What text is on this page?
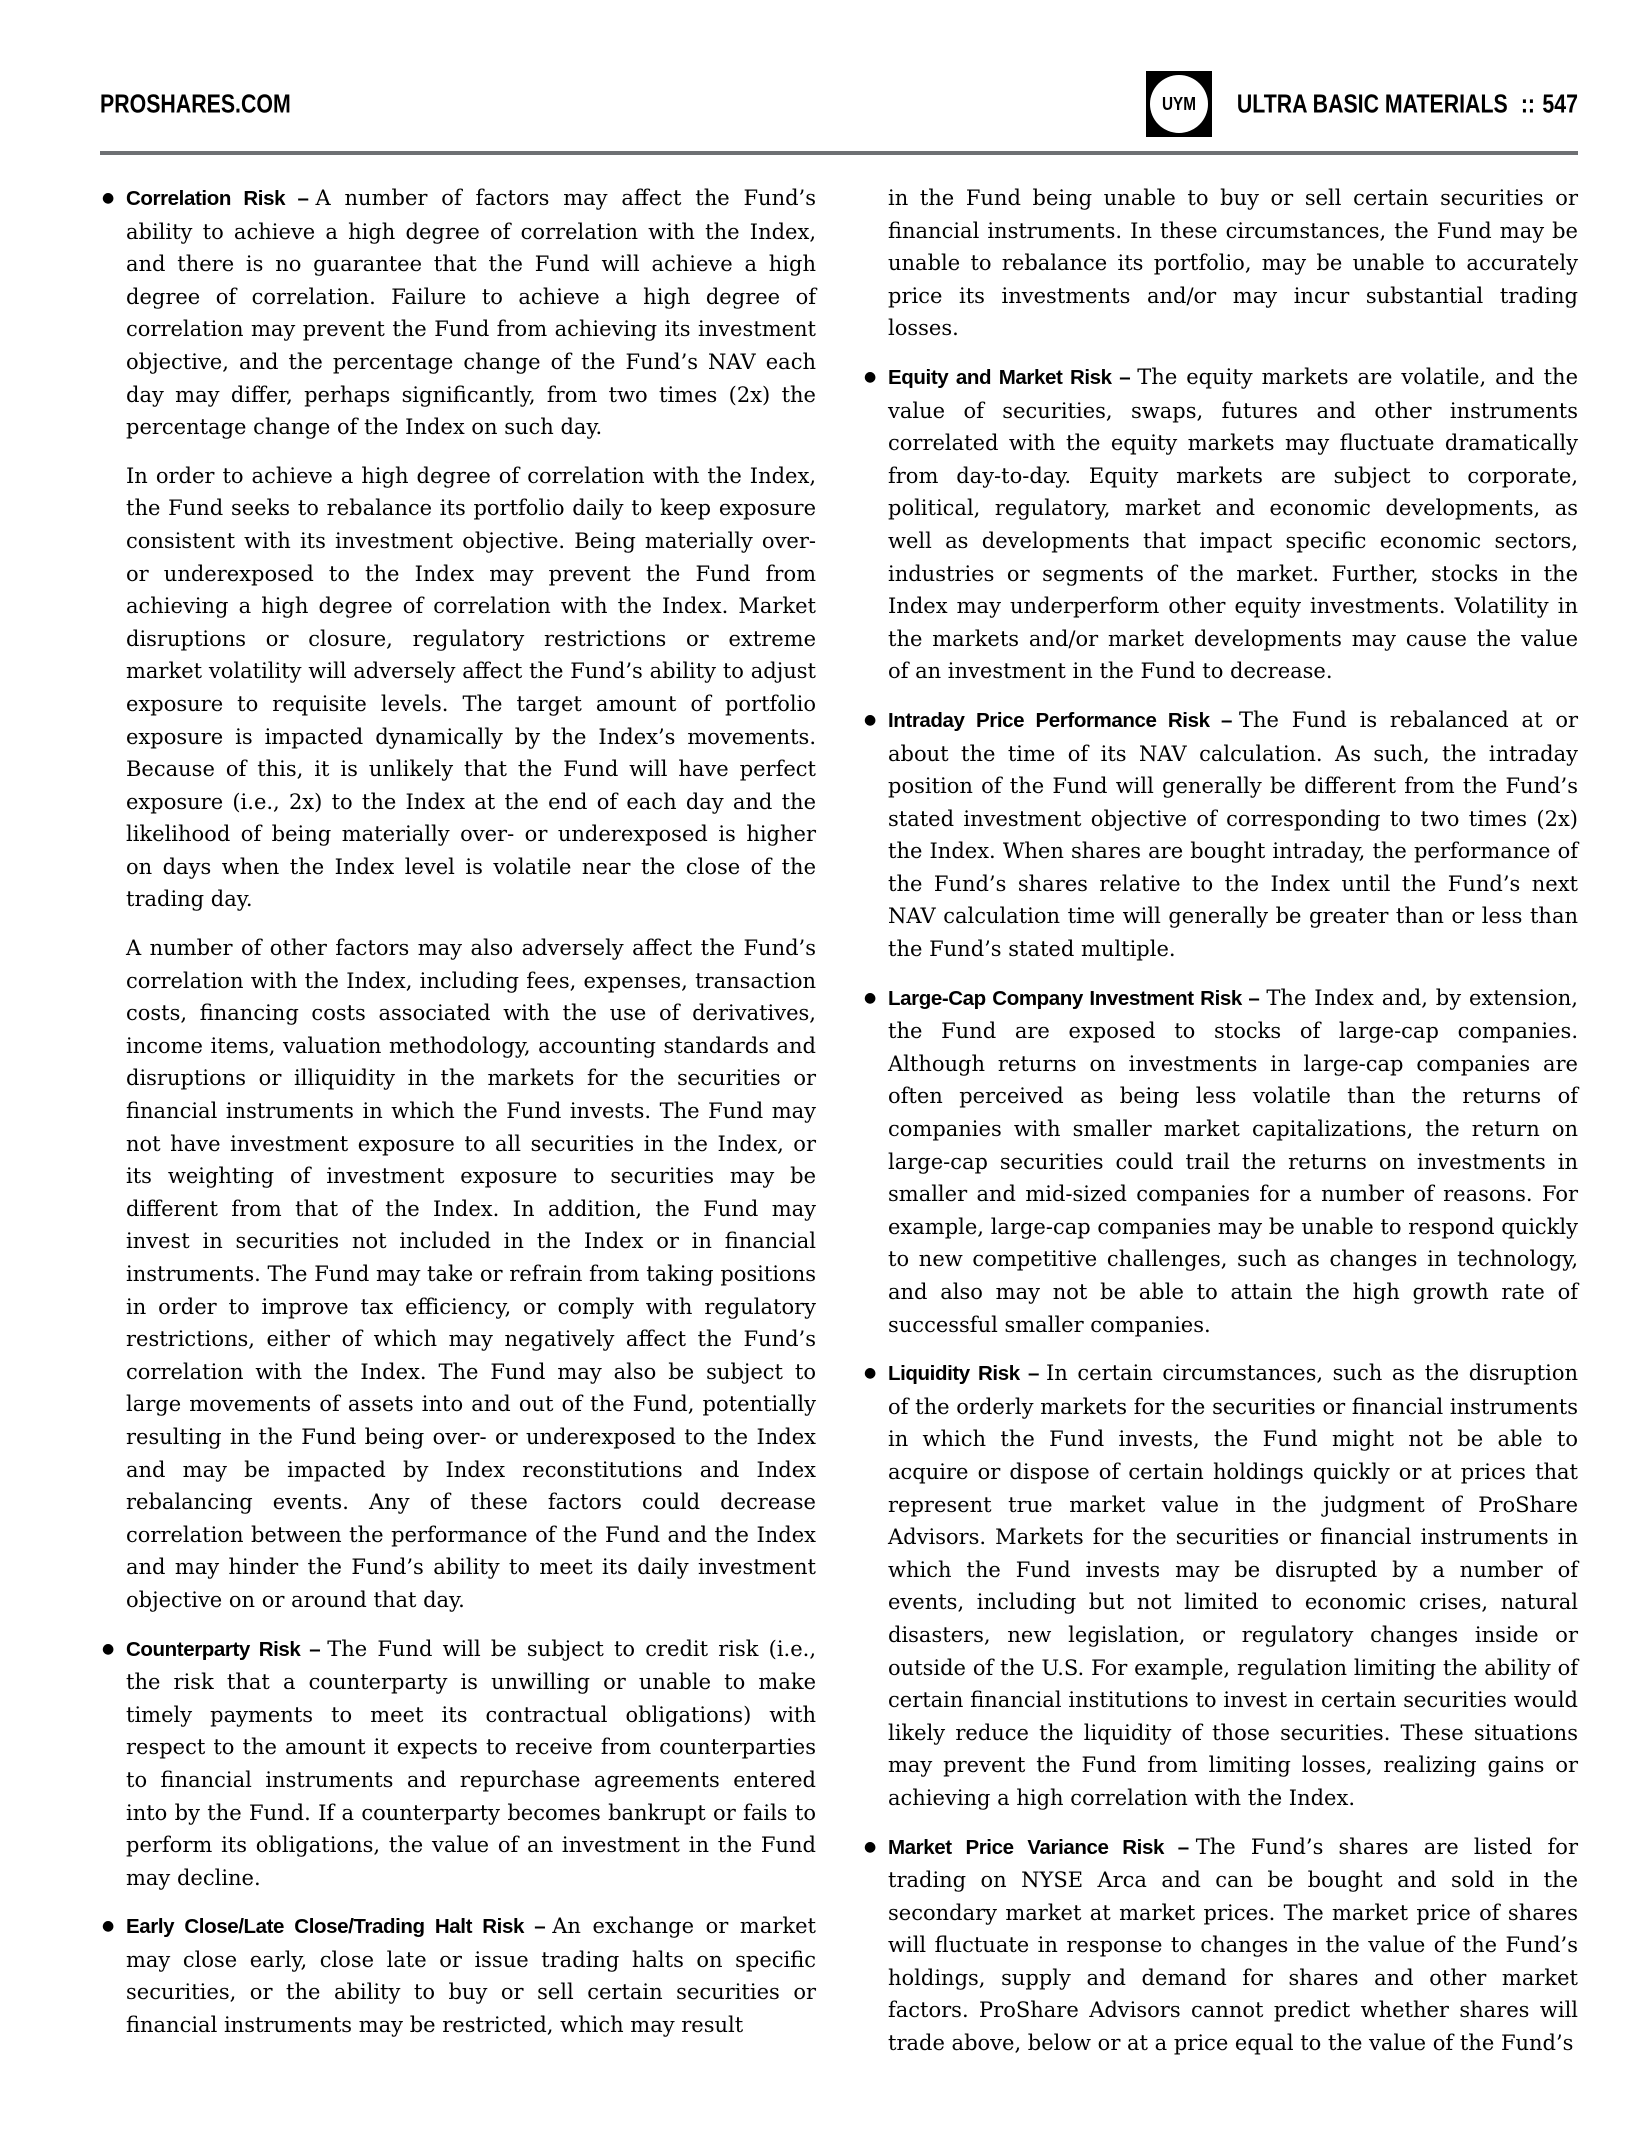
PROSHARES.COM	UYM ULTRA BASIC MATERIALS :: 547
● Correlation Risk – A number of factors may affect the Fund’s ability to achieve a high degree of correlation with the Index, and there is no guarantee that the Fund will achieve a high degree of correlation. Failure to achieve a high degree of correlation may prevent the Fund from achieving its investment objective, and the percentage change of the Fund’s NAV each day may differ, perhaps significantly, from two times (2x) the percentage change of the Index on such day.
In order to achieve a high degree of correlation with the Index, the Fund seeks to rebalance its portfolio daily to keep exposure consistent with its investment objective. Being materially over- or underexposed to the Index may prevent the Fund from achieving a high degree of correlation with the Index. Market disruptions or closure, regulatory restrictions or extreme market volatility will adversely affect the Fund’s ability to adjust exposure to requisite levels. The target amount of portfolio exposure is impacted dynamically by the Index’s movements. Because of this, it is unlikely that the Fund will have perfect exposure (i.e., 2x) to the Index at the end of each day and the likelihood of being materially over- or underexposed is higher on days when the Index level is volatile near the close of the trading day.
A number of other factors may also adversely affect the Fund’s correlation with the Index, including fees, expenses, transaction costs, financing costs associated with the use of derivatives, income items, valuation methodology, accounting standards and disruptions or illiquidity in the markets for the securities or financial instruments in which the Fund invests. The Fund may not have investment exposure to all securities in the Index, or its weighting of investment exposure to securities may be different from that of the Index. In addition, the Fund may invest in securities not included in the Index or in financial instruments. The Fund may take or refrain from taking positions in order to improve tax efficiency, or comply with regulatory restrictions, either of which may negatively affect the Fund’s correlation with the Index. The Fund may also be subject to large movements of assets into and out of the Fund, potentially resulting in the Fund being over- or underexposed to the Index and may be impacted by Index reconstitutions and Index rebalancing events. Any of these factors could decrease correlation between the performance of the Fund and the Index and may hinder the Fund’s ability to meet its daily investment objective on or around that day.
● Counterparty Risk – The Fund will be subject to credit risk (i.e., the risk that a counterparty is unwilling or unable to make timely payments to meet its contractual obligations) with respect to the amount it expects to receive from counterparties to financial instruments and repurchase agreements entered into by the Fund. If a counterparty becomes bankrupt or fails to perform its obligations, the value of an investment in the Fund may decline.
● Early Close/Late Close/Trading Halt Risk – An exchange or market may close early, close late or issue trading halts on specific securities, or the ability to buy or sell certain securities or financial instruments may be restricted, which may result
in the Fund being unable to buy or sell certain securities or financial instruments. In these circumstances, the Fund may be unable to rebalance its portfolio, may be unable to accurately price its investments and/or may incur substantial trading losses.
● Equity and Market Risk – The equity markets are volatile, and the value of securities, swaps, futures and other instruments correlated with the equity markets may fluctuate dramatically from day-to-day. Equity markets are subject to corporate, political, regulatory, market and economic developments, as well as developments that impact specific economic sectors, industries or segments of the market. Further, stocks in the Index may underperform other equity investments. Volatility in the markets and/or market developments may cause the value of an investment in the Fund to decrease.
● Intraday Price Performance Risk – The Fund is rebalanced at or about the time of its NAV calculation. As such, the intraday position of the Fund will generally be different from the Fund’s stated investment objective of corresponding to two times (2x) the Index. When shares are bought intraday, the performance of the Fund’s shares relative to the Index until the Fund’s next NAV calculation time will generally be greater than or less than the Fund’s stated multiple.
● Large-Cap Company Investment Risk – The Index and, by extension, the Fund are exposed to stocks of large-cap companies. Although returns on investments in large-cap companies are often perceived as being less volatile than the returns of companies with smaller market capitalizations, the return on large-cap securities could trail the returns on investments in smaller and mid-sized companies for a number of reasons. For example, large-cap companies may be unable to respond quickly to new competitive challenges, such as changes in technology, and also may not be able to attain the high growth rate of successful smaller companies.
● Liquidity Risk – In certain circumstances, such as the disruption of the orderly markets for the securities or financial instruments in which the Fund invests, the Fund might not be able to acquire or dispose of certain holdings quickly or at prices that represent true market value in the judgment of ProShare Advisors. Markets for the securities or financial instruments in which the Fund invests may be disrupted by a number of events, including but not limited to economic crises, natural disasters, new legislation, or regulatory changes inside or outside of the U.S. For example, regulation limiting the ability of certain financial institutions to invest in certain securities would likely reduce the liquidity of those securities. These situations may prevent the Fund from limiting losses, realizing gains or achieving a high correlation with the Index.
● Market Price Variance Risk – The Fund’s shares are listed for trading on NYSE Arca and can be bought and sold in the secondary market at market prices. The market price of shares will fluctuate in response to changes in the value of the Fund’s holdings, supply and demand for shares and other market factors. ProShare Advisors cannot predict whether shares will trade above, below or at a price equal to the value of the Fund’s
